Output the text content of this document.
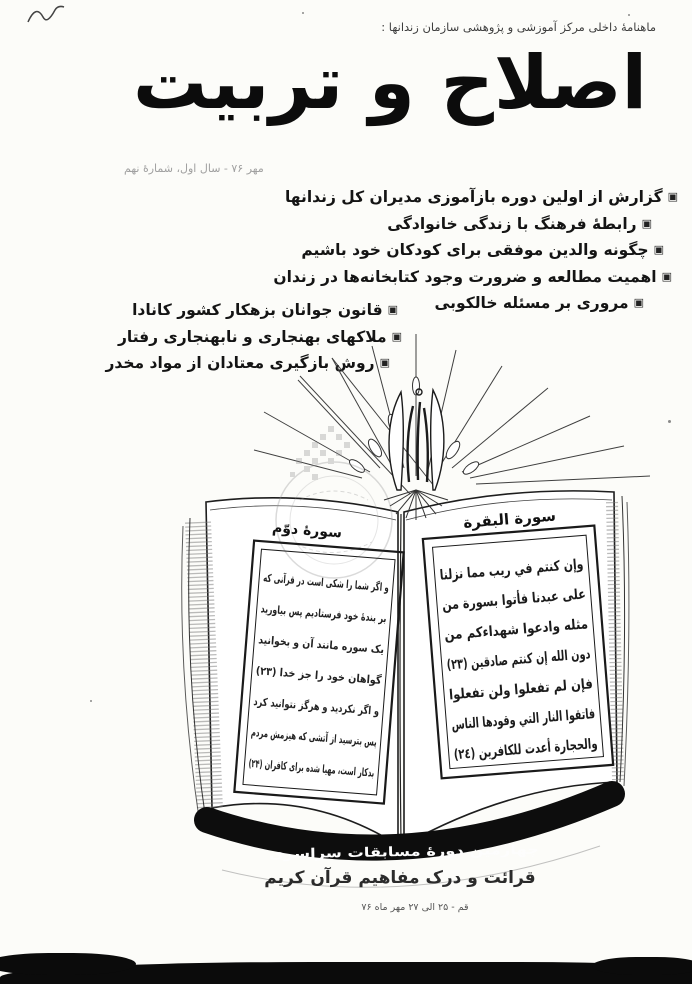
ماهنامهٔ داخلی مرکز آموزشی و پژوهشی سازمان زندانها :
اصلاح و تربیت
مهر ۷۶ - سال اول، شمارهٔ نهم
▣گزارش از اولین دوره بازآموزی مدیران کل زندانها
▣رابطهٔ فرهنگ با زندگی خانوادگی
▣چگونه والدین موفقی برای کودکان خود باشیم
▣اهمیت مطالعه و ضرورت وجود کتابخانه‌ها در زندان
▣مروری بر مسئله خالکوبی
▣قانون جوانان بزهکار کشور کانادا
▣ملاکهای بهنجاری و نابهنجاری رفتار
▣روش بازگیری معتادان از مواد مخدر
سورة البقرة
وإن كنتم في ريب مما نزلنا
على عبدنا فأتوا بسورة من
مثله وادعوا شهداءكم من
دون الله إن كنتم صادقين (٢٣)
فإن لم تفعلوا ولن تفعلوا
فاتقوا النار التي وقودها الناس
والحجارة أعدت للكافرين (٢٤)
سورهٔ دوّم
و اگر شما را شکی است در قرآنی که
بر بندهٔ خود فرستادیم پس بیاورید
یک سوره مانند آن و بخوانید
گواهان خود را جز خدا (۲۳)
و اگر نکردید و هرگز نتوانید کرد
پس بترسید از آتشی که هیزمش مردم
بدکار است، مهیا شده برای کافران (۲۴)
چهارمین دورهٔ مسابقات سراسری
قرائت و درک مفاهیم قرآن کریم
قم - ۲۵ الی ۲۷ مهر ماه ۷۶
